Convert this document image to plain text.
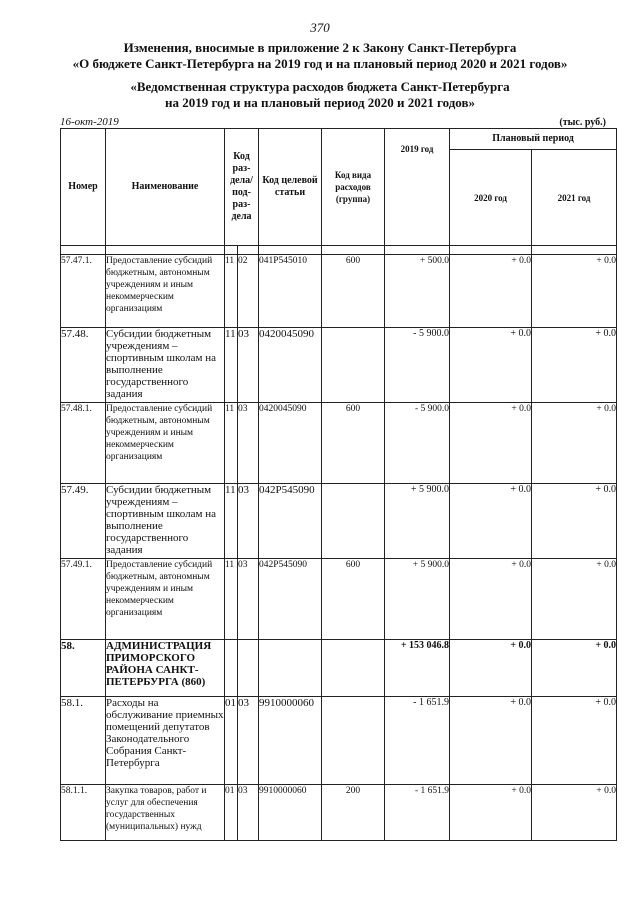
370
Изменения, вносимые в приложение 2 к Закону Санкт-Петербурга
«О бюджете Санкт-Петербурга на 2019 год и на плановый период 2020 и 2021 годов»
«Ведомственная структура расходов бюджета Санкт-Петербурга
на 2019 год и на плановый период 2020 и 2021 годов»
16-окт-2019	(тыс. руб.)
Номер	Наименование	Код раз-дела/ под-раз-дела		Код целевой статьи	Код вида расходов (группа)	2019 год	Плановый период	
							2020 год	2021 год

57.47.1.	Предоставление субсидий бюджетным, автономным учреждениям и иным некоммерческим организациям	11	02	041P545010	600	+ 500.0	+ 0.0	+ 0.0
57.48.	Субсидии бюджетным учреждениям – спортивным школам на выполнение государственного задания	11	03	0420045090		- 5 900.0	+ 0.0	+ 0.0
57.48.1.	Предоставление субсидий бюджетным, автономным учреждениям и иным некоммерческим организациям	11	03	0420045090	600	- 5 900.0	+ 0.0	+ 0.0
57.49.	Субсидии бюджетным учреждениям – спортивным школам на выполнение государственного задания	11	03	042P545090		+ 5 900.0	+ 0.0	+ 0.0
57.49.1.	Предоставление субсидий бюджетным, автономным учреждениям и иным некоммерческим организациям	11	03	042P545090	600	+ 5 900.0	+ 0.0	+ 0.0
58.	АДМИНИСТРАЦИЯ ПРИМОРСКОГО РАЙОНА САНКТ-ПЕТЕРБУРГА (860)					+ 153 046.8	+ 0.0	+ 0.0
58.1.	Расходы на обслуживание приемных помещений депутатов Законодательного Собрания Санкт-Петербурга	01	03	9910000060		- 1 651.9	+ 0.0	+ 0.0
58.1.1.	Закупка товаров, работ и услуг для обеспечения государственных (муниципальных) нужд	01	03	9910000060	200	- 1 651.9	+ 0.0	+ 0.0
